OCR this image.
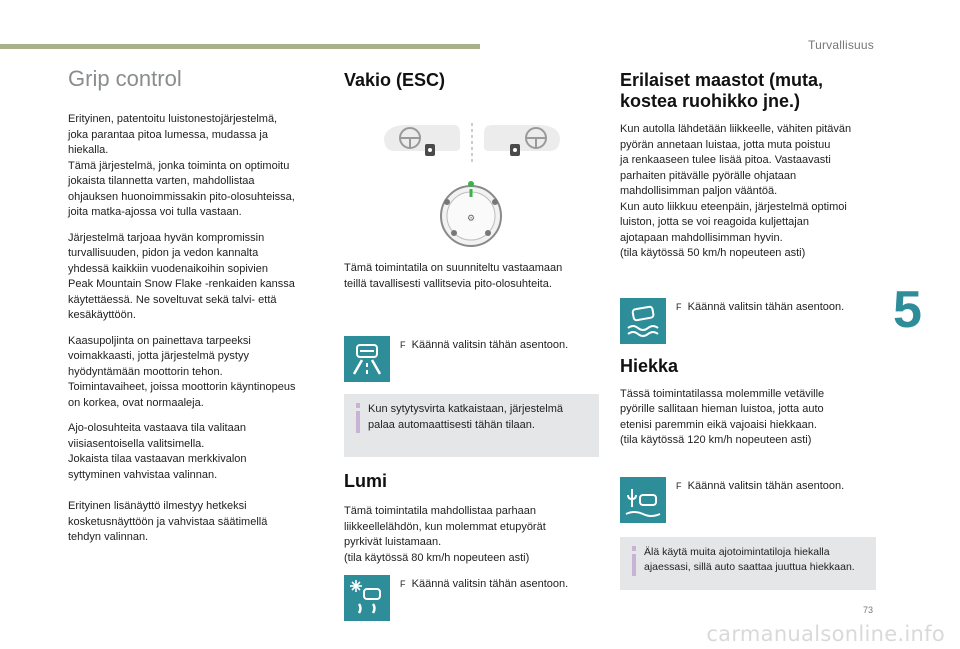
Turvallisuus
5
73
carmanualsonline.info
Grip control

Erityinen, patentoitu luistonestojärjestelmä,
joka parantaa pitoa lumessa, mudassa ja
hiekalla.
Tämä järjestelmä, jonka toiminta on optimoitu
jokaista tilannetta varten, mahdollistaa
ohjauksen huonoimmissakin pito-olosuhteissa,
joita matka-ajossa voi tulla vastaan.

Järjestelmä tarjoaa hyvän kompromissin
turvallisuuden, pidon ja vedon kannalta
yhdessä kaikkiin vuodenaikoihin sopivien
Peak Mountain Snow Flake -renkaiden kanssa
käytettäessä. Ne soveltuvat sekä talvi- että
kesäkäyttöön.

Kaasupoljinta on painettava tarpeeksi
voimakkaasti, jotta järjestelmä pystyy
hyödyntämään moottorin tehon.
Toimintavaiheet, joissa moottorin käyntinopeus
on korkea, ovat normaaleja.

Ajo-olosuhteita vastaava tila valitaan
viisiasentoisella valitsimella.
Jokaista tilaa vastaavan merkkivalon
syttyminen vahvistaa valinnan.

Erityinen lisänäyttö ilmestyy hetkeksi
kosketusnäyttöön ja vahvistaa säätimellä
tehdyn valinnan.

Vakio (ESC)
⚙

Tämä toimintatila on suunniteltu vastaamaan
teillä tavallisesti vallitsevia pito-olosuhteita.

F Käännä valitsin tähän asentoon.

Kun sytytysvirta katkaistaan, järjestelmä
palaa automaattisesti tähän tilaan.

Lumi

Tämä toimintatila mahdollistaa parhaan
liikkeellelähdön, kun molemmat etupyörät
pyrkivät luistamaan.
(tila käytössä 80 km/h nopeuteen asti)

F Käännä valitsin tähän asentoon.
Erilaiset maastot (muta,
kostea ruohikko jne.)

Kun autolla lähdetään liikkeelle, vähiten pitävän
pyörän annetaan luistaa, jotta muta poistuu
ja renkaaseen tulee lisää pitoa. Vastaavasti
parhaiten pitävälle pyörälle ohjataan
mahdollisimman paljon vääntöä.
Kun auto liikkuu eteenpäin, järjestelmä optimoi
luiston, jotta se voi reagoida kuljettajan
ajotapaan mahdollisimman hyvin.
(tila käytössä 50 km/h nopeuteen asti)

F Käännä valitsin tähän asentoon.
Hiekka

Tässä toimintatilassa molemmille vetäville
pyörille sallitaan hieman luistoa, jotta auto
etenisi paremmin eikä vajoaisi hiekkaan.
(tila käytössä 120 km/h nopeuteen asti)

F Käännä valitsin tähän asentoon.

Älä käytä muita ajotoimintatiloja hiekalla
ajaessasi, sillä auto saattaa juuttua hiekkaan.
